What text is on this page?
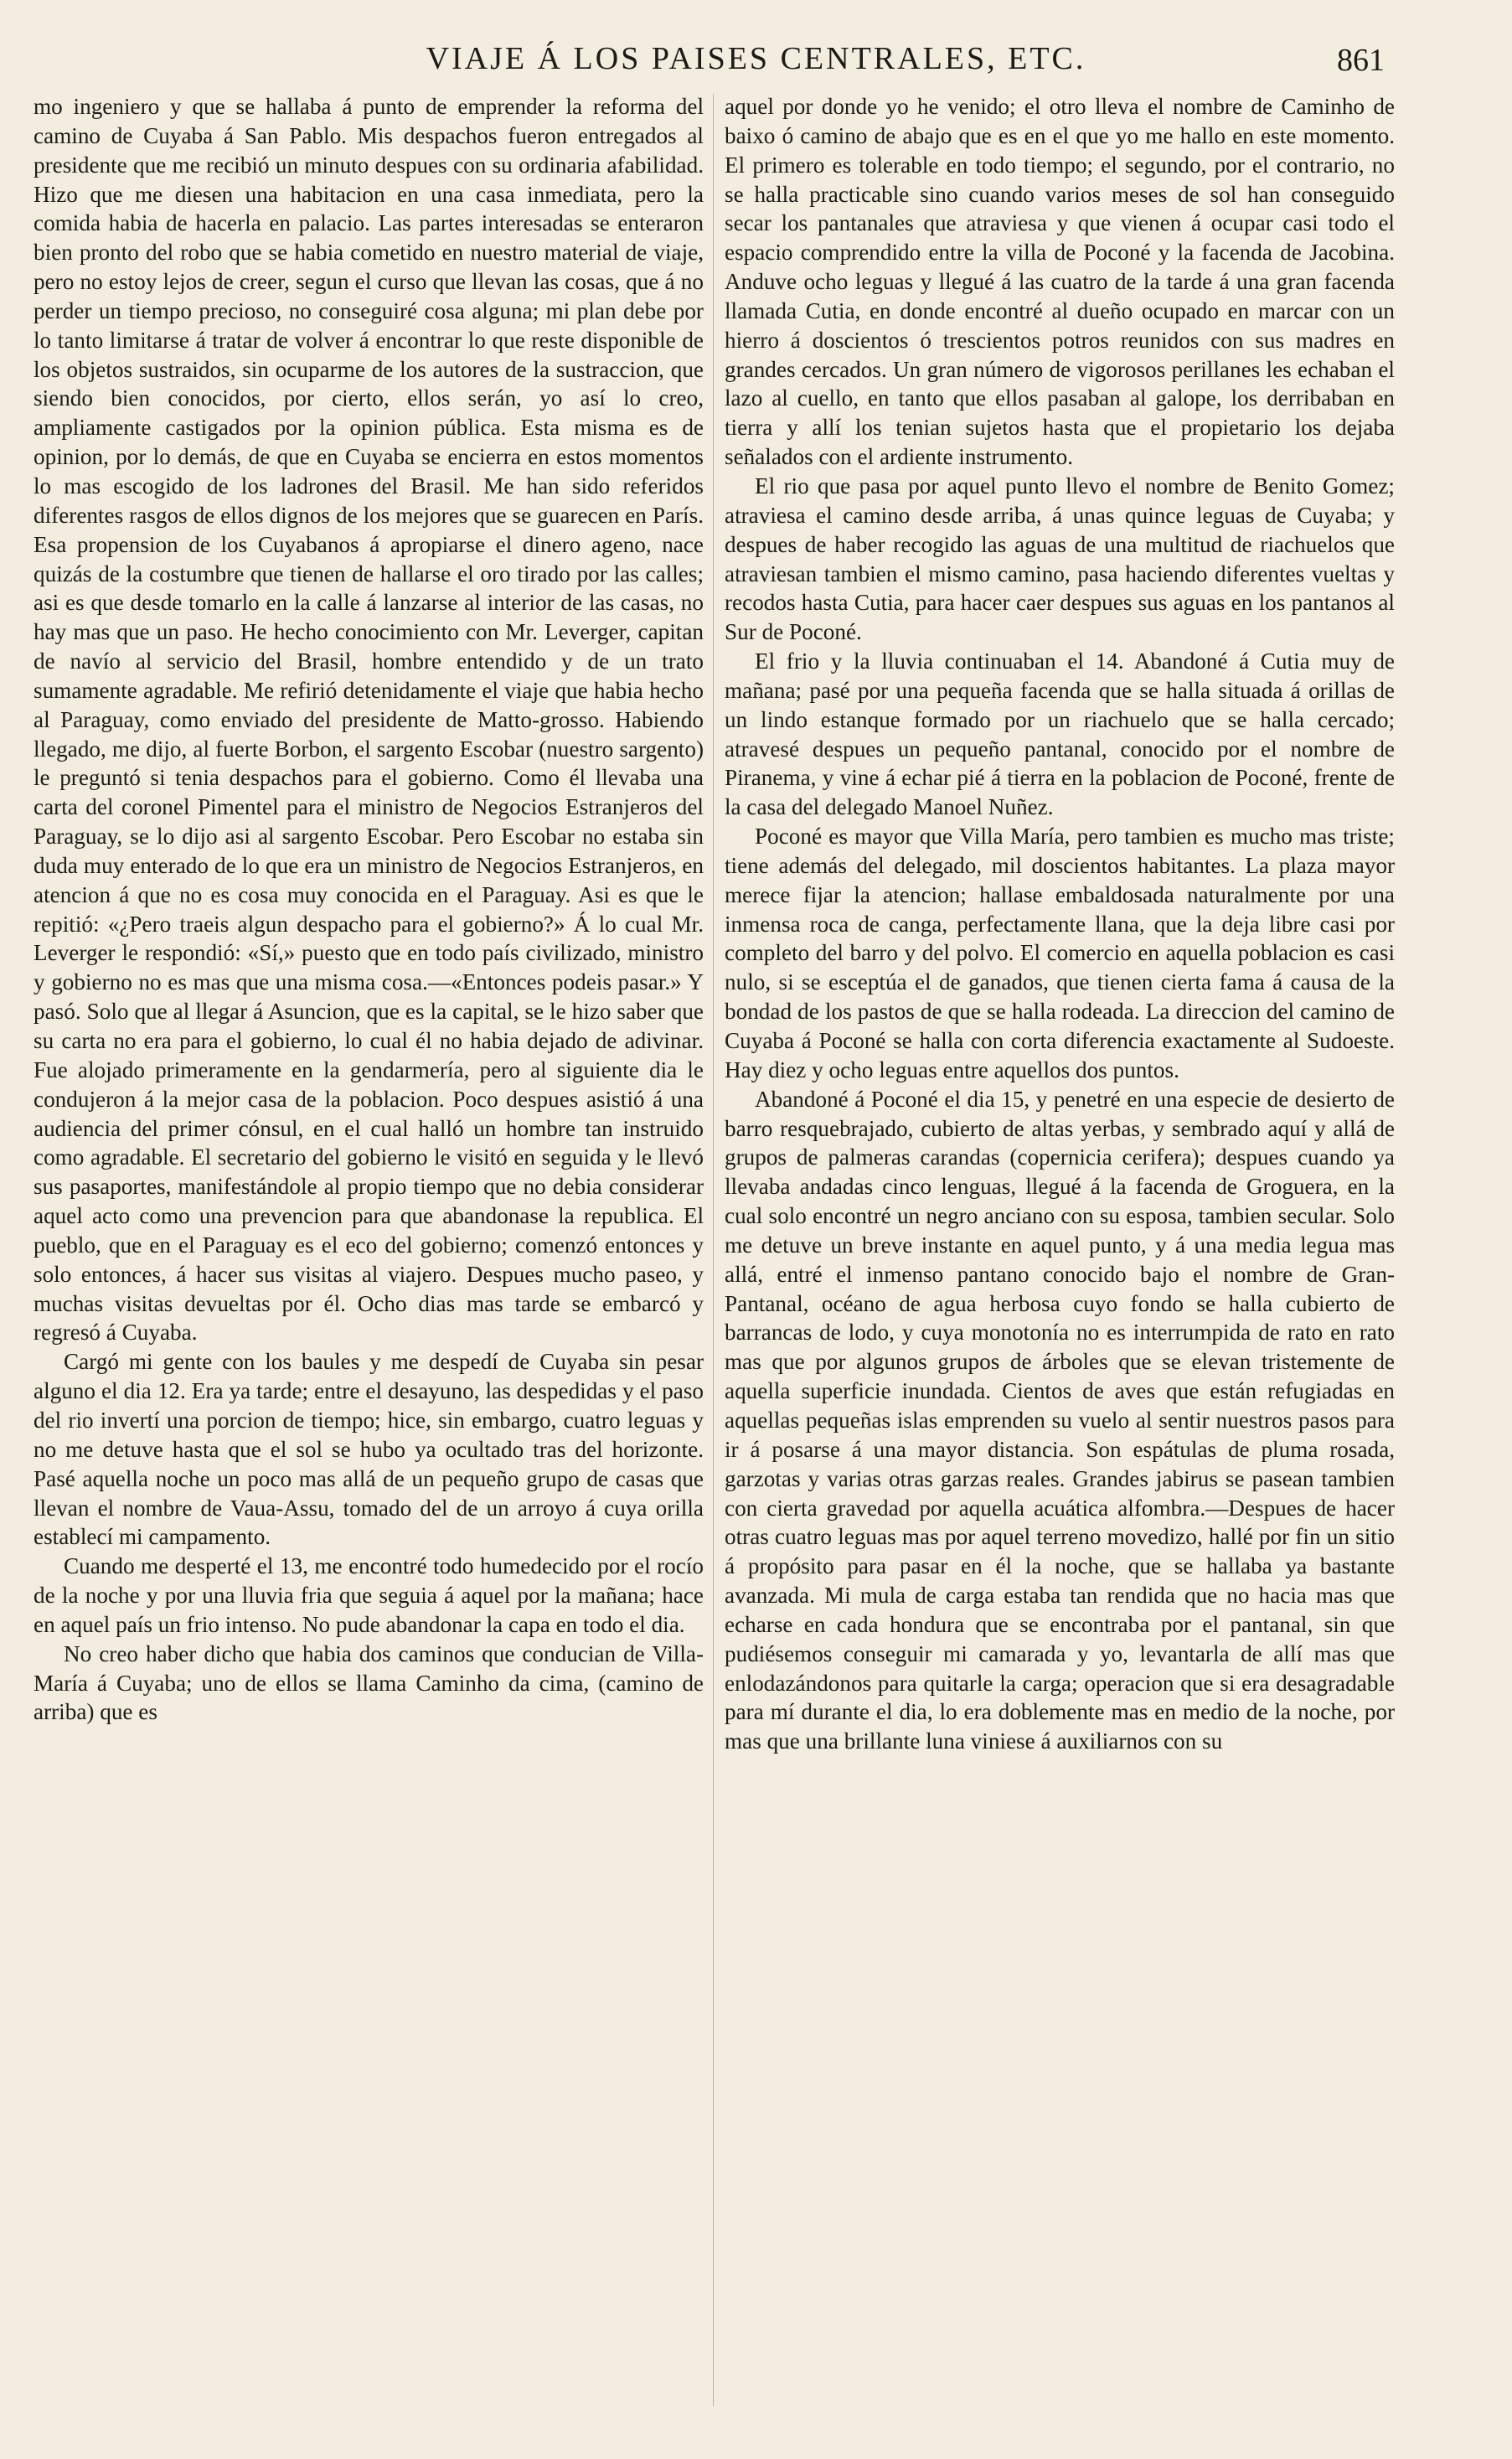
VIAJE Á LOS PAISES CENTRALES, ETC.	861

mo ingeniero y que se hallaba á punto de emprender la reforma del camino de Cuyaba á San Pablo. Mis despachos fueron entregados al presidente que me recibió un minuto despues con su ordinaria afabilidad. Hizo que me diesen una habitacion en una casa inmediata, pero la comida habia de hacerla en palacio. Las partes interesadas se enteraron bien pronto del robo que se habia cometido en nuestro material de viaje, pero no estoy lejos de creer, segun el curso que llevan las cosas, que á no perder un tiempo precioso, no conseguiré cosa alguna; mi plan debe por lo tanto limitarse á tratar de volver á encontrar lo que reste disponible de los objetos sustraidos, sin ocuparme de los autores de la sustraccion, que siendo bien conocidos, por cierto, ellos serán, yo así lo creo, ampliamente castigados por la opinion pública. Esta misma es de opinion, por lo demás, de que en Cuyaba se encierra en estos momentos lo mas escogido de los ladrones del Brasil. Me han sido referidos diferentes rasgos de ellos dignos de los mejores que se guarecen en París. Esa propension de los Cuyabanos á apropiarse el dinero ageno, nace quizás de la costumbre que tienen de hallarse el oro tirado por las calles; asi es que desde tomarlo en la calle á lanzarse al interior de las casas, no hay mas que un paso. He hecho conocimiento con Mr. Leverger, capitan de navío al servicio del Brasil, hombre entendido y de un trato sumamente agradable. Me refirió detenidamente el viaje que habia hecho al Paraguay, como enviado del presidente de Matto-grosso. Habiendo llegado, me dijo, al fuerte Borbon, el sargento Escobar (nuestro sargento) le preguntó si tenia despachos para el gobierno. Como él llevaba una carta del coronel Pimentel para el ministro de Negocios Estranjeros del Paraguay, se lo dijo asi al sargento Escobar. Pero Escobar no estaba sin duda muy enterado de lo que era un ministro de Negocios Estranjeros, en atencion á que no es cosa muy conocida en el Paraguay. Asi es que le repitió: «¿Pero traeis algun despacho para el gobierno?» Á lo cual Mr. Leverger le respondió: «Sí,» puesto que en todo país civilizado, ministro y gobierno no es mas que una misma cosa.—«Entonces podeis pasar.» Y pasó. Solo que al llegar á Asuncion, que es la capital, se le hizo saber que su carta no era para el gobierno, lo cual él no habia dejado de adivinar. Fue alojado primeramente en la gendarmería, pero al siguiente dia le condujeron á la mejor casa de la poblacion. Poco despues asistió á una audiencia del primer cónsul, en el cual halló un hombre tan instruido como agradable. El secretario del gobierno le visitó en seguida y le llevó sus pasaportes, manifestándole al propio tiempo que no debia considerar aquel acto como una prevencion para que abandonase la republica. El pueblo, que en el Paraguay es el eco del gobierno; comenzó entonces y solo entonces, á hacer sus visitas al viajero. Despues mucho paseo, y muchas visitas devueltas por él. Ocho dias mas tarde se embarcó y regresó á Cuyaba.

Cargó mi gente con los baules y me despedí de Cuyaba sin pesar alguno el dia 12. Era ya tarde; entre el desayuno, las despedidas y el paso del rio invertí una porcion de tiempo; hice, sin embargo, cuatro leguas y no me detuve hasta que el sol se hubo ya ocultado tras del horizonte. Pasé aquella noche un poco mas allá de un pequeño grupo de casas que llevan el nombre de Vaua-Assu, tomado del de un arroyo á cuya orilla establecí mi campamento.

Cuando me desperté el 13, me encontré todo humedecido por el rocío de la noche y por una lluvia fria que seguia á aquel por la mañana; hace en aquel país un frio intenso. No pude abandonar la capa en todo el dia.

No creo haber dicho que habia dos caminos que conducian de Villa-María á Cuyaba; uno de ellos se llama Caminho da cima, (camino de arriba) que es

aquel por donde yo he venido; el otro lleva el nombre de Caminho de baixo ó camino de abajo que es en el que yo me hallo en este momento. El primero es tolerable en todo tiempo; el segundo, por el contrario, no se halla practicable sino cuando varios meses de sol han conseguido secar los pantanales que atraviesa y que vienen á ocupar casi todo el espacio comprendido entre la villa de Poconé y la facenda de Jacobina. Anduve ocho leguas y llegué á las cuatro de la tarde á una gran facenda llamada Cutia, en donde encontré al dueño ocupado en marcar con un hierro á doscientos ó trescientos potros reunidos con sus madres en grandes cercados. Un gran número de vigorosos perillanes les echaban el lazo al cuello, en tanto que ellos pasaban al galope, los derribaban en tierra y allí los tenian sujetos hasta que el propietario los dejaba señalados con el ardiente instrumento.

El rio que pasa por aquel punto llevo el nombre de Benito Gomez; atraviesa el camino desde arriba, á unas quince leguas de Cuyaba; y despues de haber recogido las aguas de una multitud de riachuelos que atraviesan tambien el mismo camino, pasa haciendo diferentes vueltas y recodos hasta Cutia, para hacer caer despues sus aguas en los pantanos al Sur de Poconé.

El frio y la lluvia continuaban el 14. Abandoné á Cutia muy de mañana; pasé por una pequeña facenda que se halla situada á orillas de un lindo estanque formado por un riachuelo que se halla cercado; atravesé despues un pequeño pantanal, conocido por el nombre de Piranema, y vine á echar pié á tierra en la poblacion de Poconé, frente de la casa del delegado Manoel Nuñez.

Poconé es mayor que Villa María, pero tambien es mucho mas triste; tiene además del delegado, mil doscientos habitantes. La plaza mayor merece fijar la atencion; hallase embaldosada naturalmente por una inmensa roca de canga, perfectamente llana, que la deja libre casi por completo del barro y del polvo. El comercio en aquella poblacion es casi nulo, si se esceptúa el de ganados, que tienen cierta fama á causa de la bondad de los pastos de que se halla rodeada. La direccion del camino de Cuyaba á Poconé se halla con corta diferencia exactamente al Sudoeste. Hay diez y ocho leguas entre aquellos dos puntos.

Abandoné á Poconé el dia 15, y penetré en una especie de desierto de barro resquebrajado, cubierto de altas yerbas, y sembrado aquí y allá de grupos de palmeras carandas (copernicia cerifera); despues cuando ya llevaba andadas cinco lenguas, llegué á la facenda de Groguera, en la cual solo encontré un negro anciano con su esposa, tambien secular. Solo me detuve un breve instante en aquel punto, y á una media legua mas allá, entré el inmenso pantano conocido bajo el nombre de Gran-Pantanal, océano de agua herbosa cuyo fondo se halla cubierto de barrancas de lodo, y cuya monotonía no es interrumpida de rato en rato mas que por algunos grupos de árboles que se elevan tristemente de aquella superficie inundada. Cientos de aves que están refugiadas en aquellas pequeñas islas emprenden su vuelo al sentir nuestros pasos para ir á posarse á una mayor distancia. Son espátulas de pluma rosada, garzotas y varias otras garzas reales. Grandes jabirus se pasean tambien con cierta gravedad por aquella acuática alfombra.—Despues de hacer otras cuatro leguas mas por aquel terreno movedizo, hallé por fin un sitio á propósito para pasar en él la noche, que se hallaba ya bastante avanzada. Mi mula de carga estaba tan rendida que no hacia mas que echarse en cada hondura que se encontraba por el pantanal, sin que pudiésemos conseguir mi camarada y yo, levantarla de allí mas que enlodazándonos para quitarle la carga; operacion que si era desagradable para mí durante el dia, lo era doblemente mas en medio de la noche, por mas que una brillante luna viniese á auxiliarnos con su
